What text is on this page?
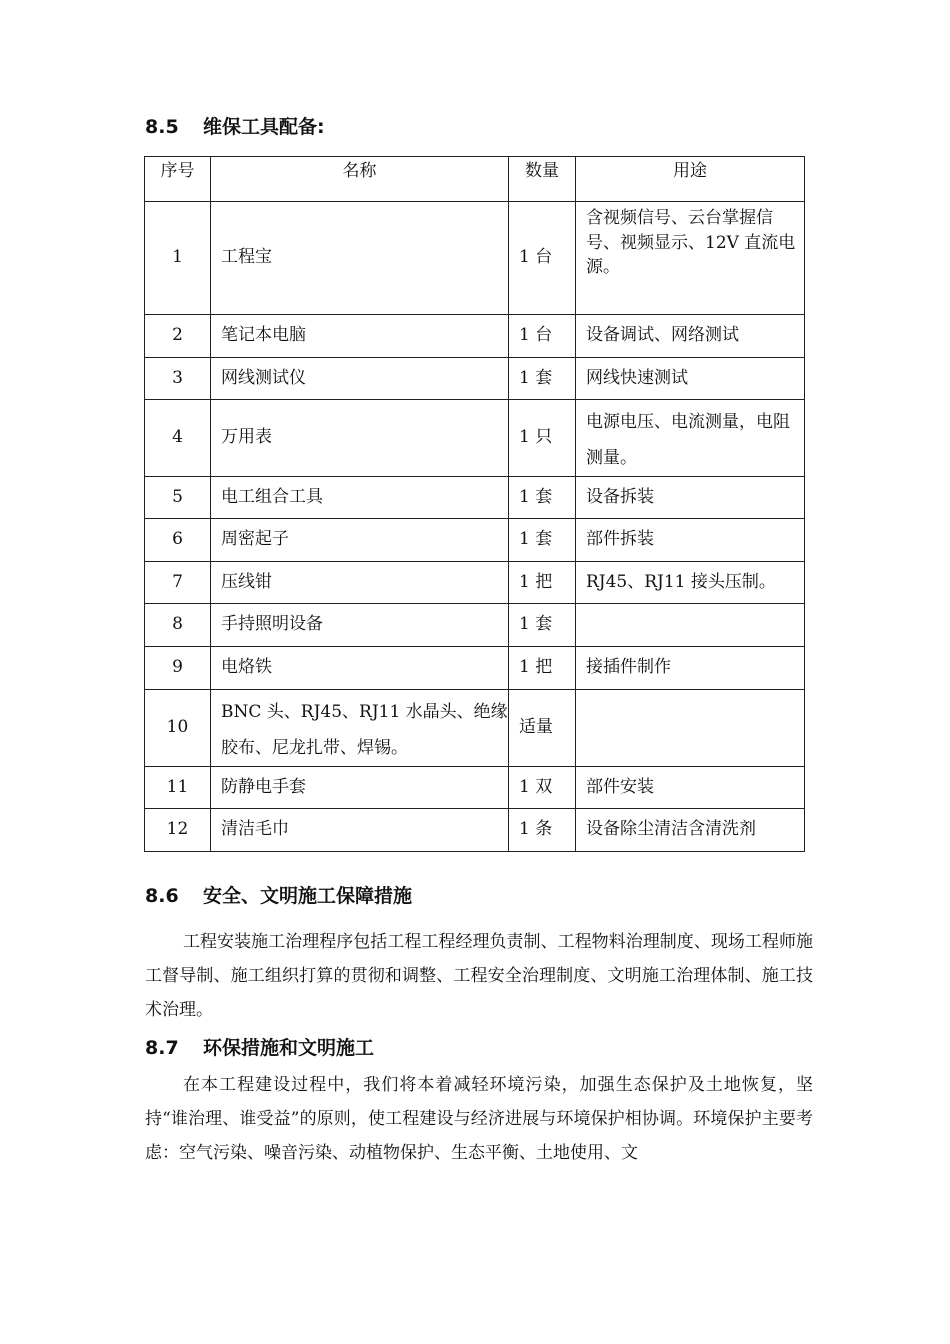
8.5 维保工具配备:
序号	名称	数量	用途
1	工程宝	1 台	含视频信号、云台掌握信号、视频显示、12V 直流电
源。
2	笔记本电脑	1 台	设备调试、网络测试
3	网线测试仪	1 套	网线快速测试
4	万用表	1 只	电源电压、电流测量，电阻测量。
5	电工组合工具	1 套	设备拆装
6	周密起子	1 套	部件拆装
7	压线钳	1 把	RJ45、RJ11 接头压制。
8	手持照明设备	1 套	
9	电烙铁	1 把	接插件制作
10	BNC 头、RJ45、RJ11 水晶头、绝缘胶布、尼龙扎带、焊锡。	适量	
11	防静电手套	1 双	部件安装
12	清洁毛巾	1 条	设备除尘清洁含清洗剂
8.6 安全、文明施工保障措施

工程安装施工治理程序包括工程工程经理负责制、工程物料治理制度、现场工程师施工督导制、施工组织打算的贯彻和调整、工程安全治理制度、文明施工治理体制、施工技术治理。

8.7 环保措施和文明施工

在本工程建设过程中，我们将本着减轻环境污染，加强生态保护及土地恢复，坚持“谁治理、谁受益”的原则，使工程建设与经济进展与环境保护相协调。环境保护主要考虑：空气污染、噪音污染、动植物保护、生态平衡、土地使用、文
